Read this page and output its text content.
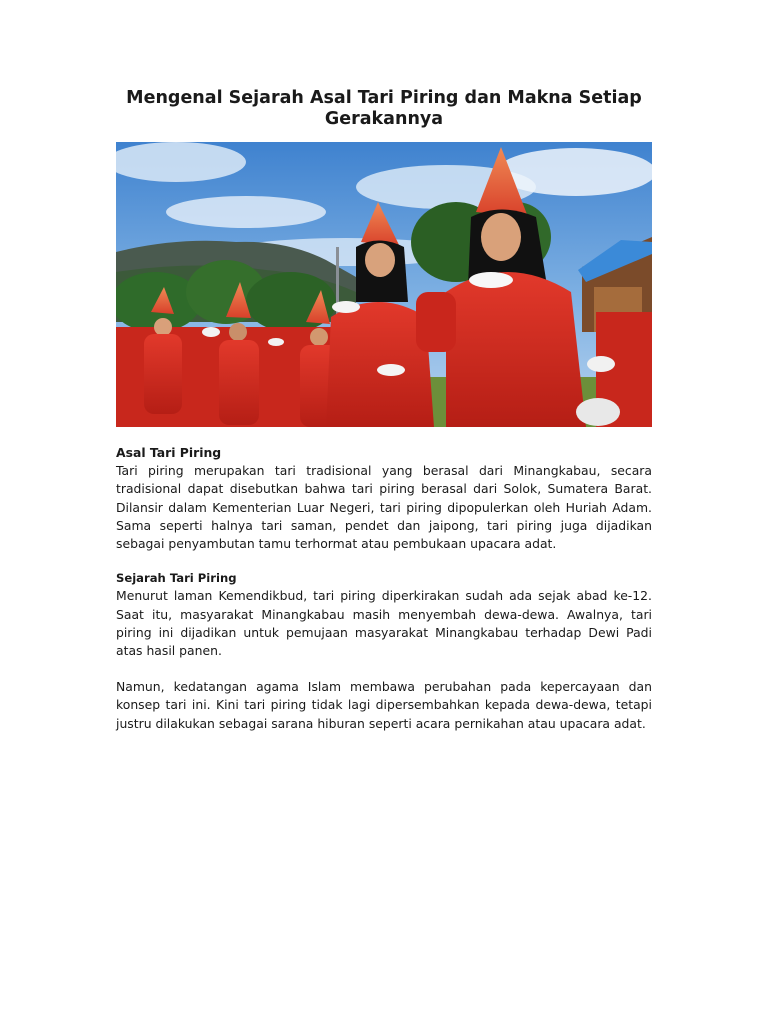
Mengenal Sejarah Asal Tari Piring dan Makna Setiap Gerakannya
Asal Tari Piring

Tari piring merupakan tari tradisional yang berasal dari Minangkabau, secara tradisional dapat disebutkan bahwa tari piring berasal dari Solok, Sumatera Barat. Dilansir dalam Kementerian Luar Negeri, tari piring dipopulerkan oleh Huriah Adam. Sama seperti halnya tari saman, pendet dan jaipong, tari piring juga dijadikan sebagai penyambutan tamu terhormat atau pembukaan upacara adat.

Sejarah Tari Piring

Menurut laman Kemendikbud, tari piring diperkirakan sudah ada sejak abad ke-12. Saat itu, masyarakat Minangkabau masih menyembah dewa-dewa. Awalnya, tari piring ini dijadikan untuk pemujaan masyarakat Minangkabau terhadap Dewi Padi atas hasil panen.

Namun, kedatangan agama Islam membawa perubahan pada kepercayaan dan konsep tari ini. Kini tari piring tidak lagi dipersembahkan kepada dewa-dewa, tetapi justru dilakukan sebagai sarana hiburan seperti acara pernikahan atau upacara adat.
